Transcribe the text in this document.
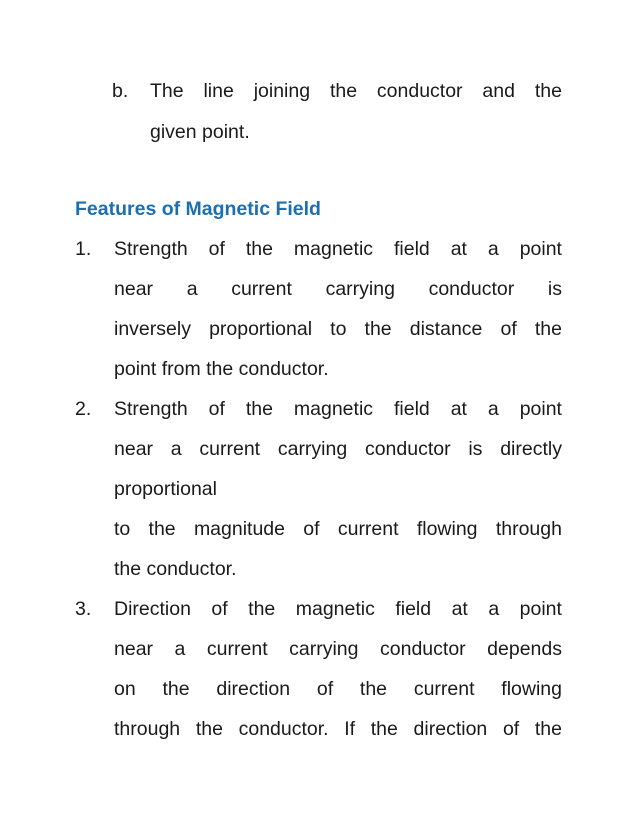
b. The line joining the conductor and the
given point.
Features of Magnetic Field
1. Strength of the magnetic field at a point
near a current carrying conductor is
inversely proportional to the distance of the
point from the conductor.
2. Strength of the magnetic field at a point
near a current carrying conductor is directly
proportional
to the magnitude of current flowing through
the conductor.
3. Direction of the magnetic field at a point
near a current carrying conductor depends
on the direction of the current flowing
through the conductor. If the direction of the
